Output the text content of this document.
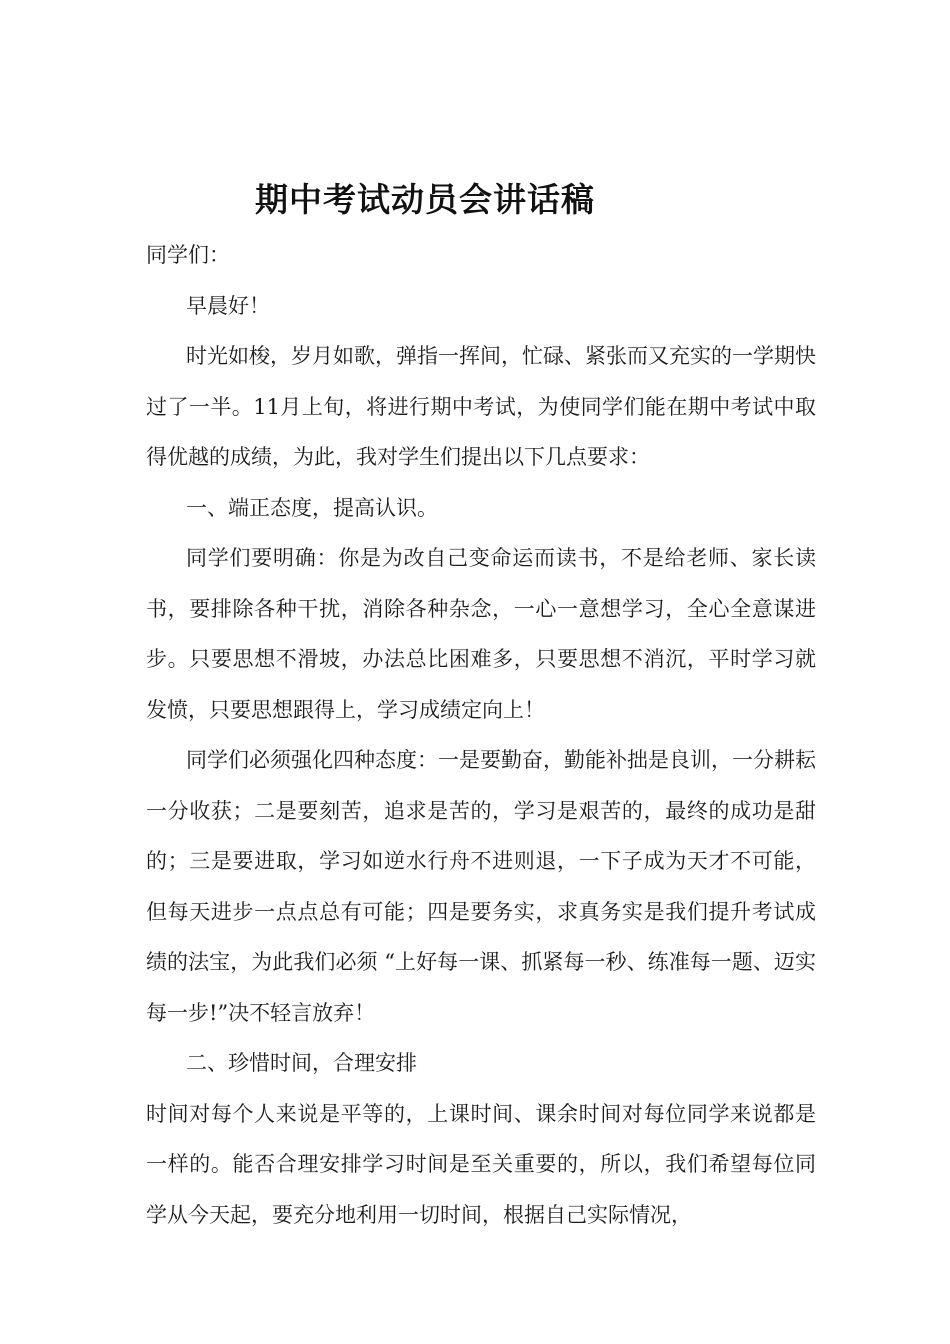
期中考试动员会讲话稿

同学们：

早晨好！

时光如梭，岁月如歌，弹指一挥间，忙碌、紧张而又充实的一学期快过了一半。11月上旬，将进行期中考试，为使同学们能在期中考试中取得优越的成绩，为此，我对学生们提出以下几点要求：

一、端正态度，提高认识。

同学们要明确：你是为改自己变命运而读书，不是给老师、家长读书，要排除各种干扰，消除各种杂念，一心一意想学习，全心全意谋进步。只要思想不滑坡，办法总比困难多，只要思想不消沉，平时学习就发愤，只要思想跟得上，学习成绩定向上！

同学们必须强化四种态度：一是要勤奋，勤能补拙是良训，一分耕耘一分收获；二是要刻苦，追求是苦的，学习是艰苦的，最终的成功是甜的；三是要进取，学习如逆水行舟不进则退，一下子成为天才不可能，但每天进步一点点总有可能；四是要务实，求真务实是我们提升考试成绩的法宝，为此我们必须 “上好每一课、抓紧每一秒、练准每一题、迈实每一步!”决不轻言放弃！

二、珍惜时间，合理安排

时间对每个人来说是平等的，上课时间、课余时间对每位同学来说都是一样的。能否合理安排学习时间是至关重要的，所以，我们希望每位同学从今天起，要充分地利用一切时间，根据自己实际情况，
